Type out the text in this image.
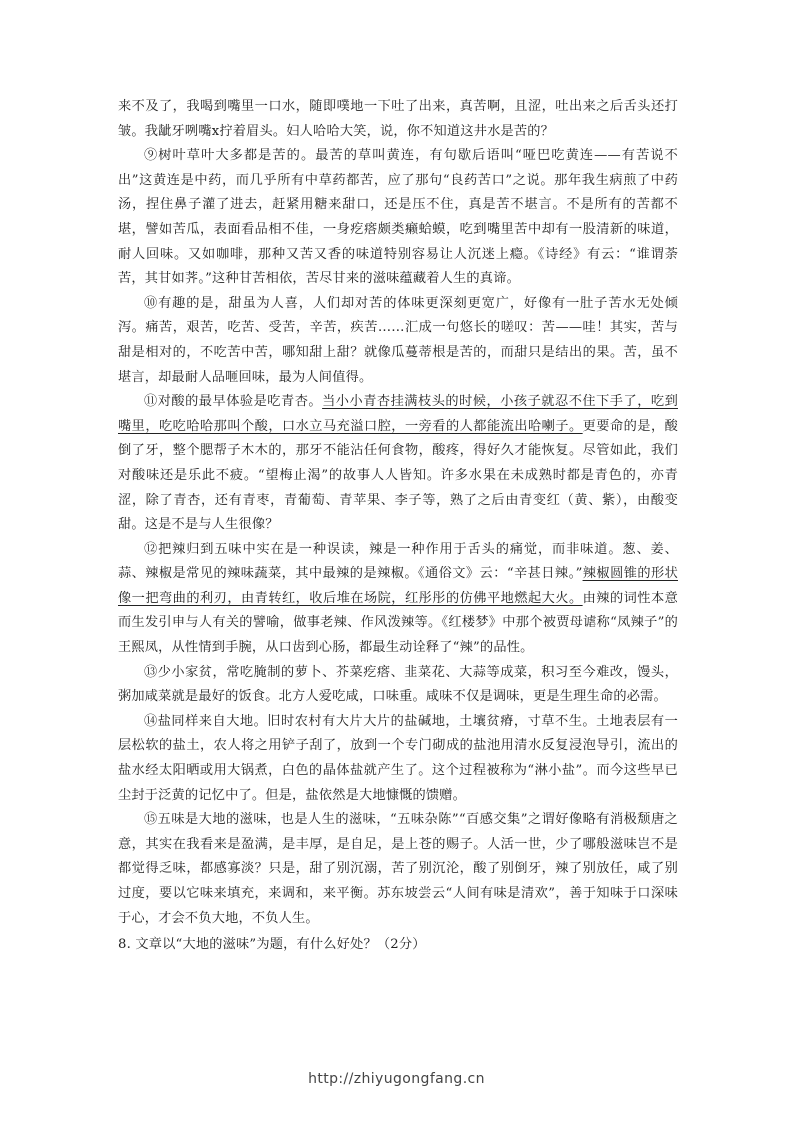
来不及了，我喝到嘴里一口水，随即噗地一下吐了出来，真苦啊，且涩，吐出来之后舌头还打皱。我龇牙咧嘴x拧着眉头。妇人哈哈大笑，说，你不知道这井水是苦的？

⑨树叶草叶大多都是苦的。最苦的草叫黄连，有句歇后语叫“哑巴吃黄连——有苦说不出”这黄连是中药，而几乎所有中草药都苦，应了那句“良药苦口”之说。那年我生病煎了中药汤，捏住鼻子灌了进去，赶紧用糖来甜口，还是压不住，真是苦不堪言。不是所有的苦都不堪，譬如苦瓜，表面看品相不佳，一身疙瘩颇类癞蛤蟆，吃到嘴里苦中却有一股清新的味道，耐人回味。又如咖啡，那种又苦又香的味道特别容易让人沉迷上瘾。《诗经》有云：“谁谓荼苦，其甘如荠。”这种甘苦相依，苦尽甘来的滋味蕴藏着人生的真谛。

⑩有趣的是，甜虽为人喜，人们却对苦的体味更深刻更宽广，好像有一肚子苦水无处倾泻。痛苦，艰苦，吃苦、受苦，辛苦，疾苦……汇成一句悠长的嗟叹：苦——哇！其实，苦与甜是相对的，不吃苦中苦，哪知甜上甜？就像瓜蔓蒂根是苦的，而甜只是结出的果。苦，虽不堪言，却最耐人品咂回味，最为人间值得。

⑪对酸的最早体验是吃青杏。当小小青杏挂满枝头的时候，小孩子就忍不住下手了，吃到嘴里，吃吃哈哈那叫个酸，口水立马充溢口腔，一旁看的人都能流出哈喇子。更要命的是，酸倒了牙，整个腮帮子木木的，那牙不能沾任何食物，酸疼，得好久才能恢复。尽管如此，我们对酸味还是乐此不疲。“望梅止渴”的故事人人皆知。许多水果在未成熟时都是青色的，亦青涩，除了青杏，还有青枣，青葡萄、青苹果、李子等，熟了之后由青变红（黄、紫），由酸变甜。这是不是与人生很像？

⑫把辣归到五味中实在是一种误读，辣是一种作用于舌头的痛觉，而非味道。葱、姜、蒜、辣椒是常见的辣味蔬菜，其中最辣的是辣椒。《通俗文》云：“辛甚日辣。”辣椒圆锥的形状像一把弯曲的利刃，由青转红，收后堆在场院，红彤彤的仿佛平地燃起大火。由辣的词性本意而生发引申与人有关的譬喻，做事老辣、作风泼辣等。《红楼梦》中那个被贾母谑称“凤辣子”的王熙凤，从性情到手腕，从口齿到心肠，都最生动诠释了“辣”的品性。

⑬少小家贫，常吃腌制的萝卜、芥菜疙瘩、韭菜花、大蒜等成菜，积习至今难改，馒头，粥加咸菜就是最好的饭食。北方人爱吃咸，口味重。咸味不仅是调味，更是生理生命的必需。

⑭盐同样来自大地。旧时农村有大片大片的盐碱地，土壤贫瘠，寸草不生。土地表层有一层松软的盐土，农人将之用铲子刮了，放到一个专门砌成的盐池用清水反复浸泡导引，流出的盐水经太阳晒或用大锅煮，白色的晶体盐就产生了。这个过程被称为“淋小盐”。而今这些早已尘封于泛黄的记忆中了。但是，盐依然是大地慷慨的馈赠。

⑮五味是大地的滋味，也是人生的滋味，“五味杂陈”“百感交集”之谓好像略有消极颓唐之意，其实在我看来是盈满，是丰厚，是自足，是上苍的赐子。人活一世，少了哪般滋味岂不是都觉得乏味，都感寡淡？只是，甜了别沉溺，苦了别沉沦，酸了别倒牙，辣了别放任，咸了别过度，要以它味来填充，来调和，来平衡。苏东坡尝云“人间有味是清欢”，善于知味于口深味于心，才会不负大地，不负人生。

8. 文章以“大地的滋味”为题，有什么好处？（2分）

http://zhiyugongfang.cn
